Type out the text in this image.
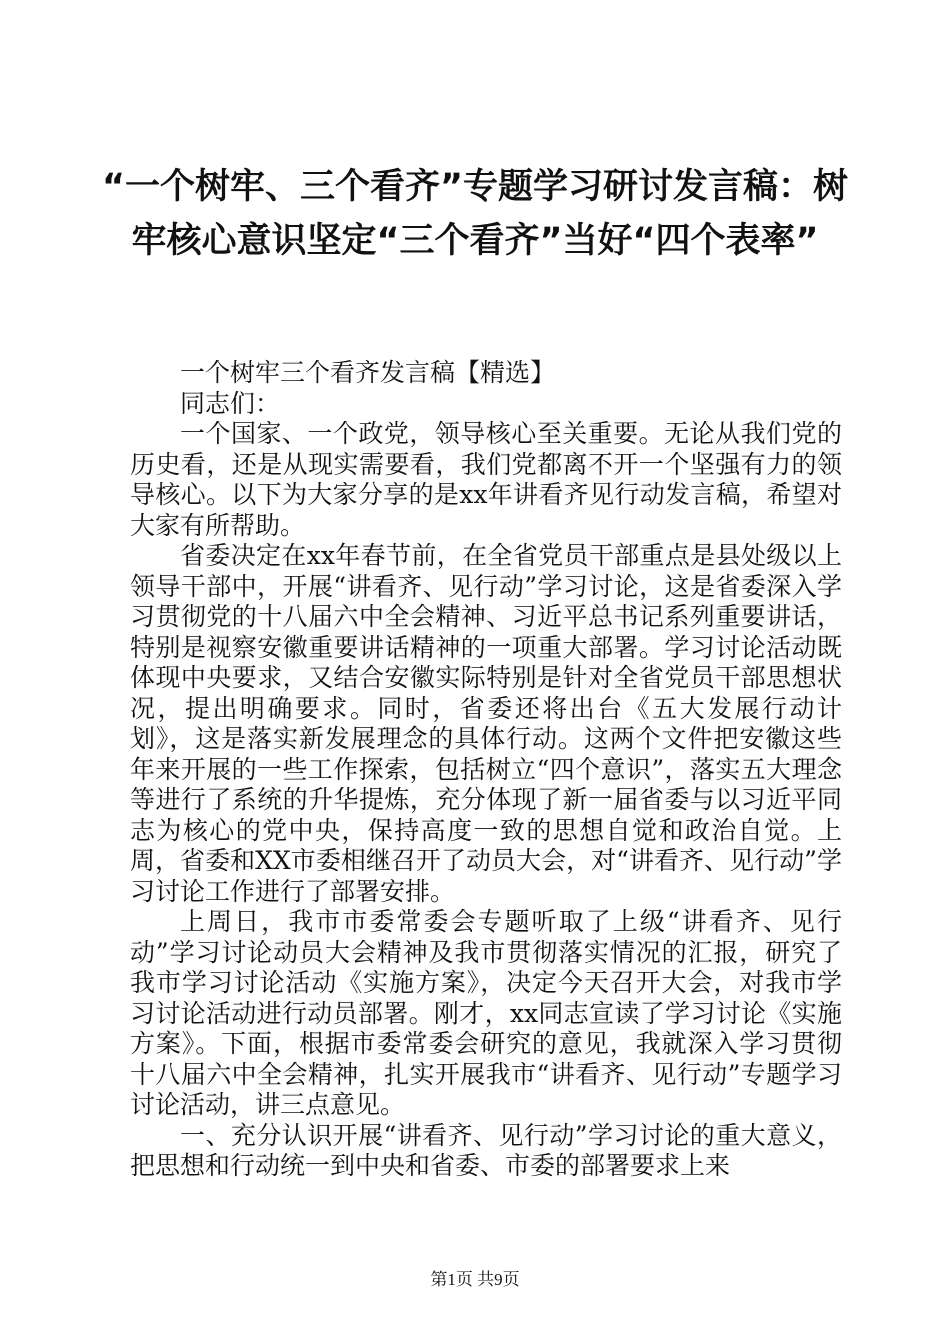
“一个树牢、三个看齐”专题学习研讨发言稿：树牢核心意识坚定“三个看齐”当好“四个表率”

一个树牢三个看齐发言稿【精选】

同志们：

一个国家、一个政党，领导核心至关重要。无论从我们党的历史看，还是从现实需要看，我们党都离不开一个坚强有力的领导核心。以下为大家分享的是xx年讲看齐见行动发言稿，希望对大家有所帮助。

省委决定在xx年春节前，在全省党员干部重点是县处级以上领导干部中，开展“讲看齐、见行动”学习讨论，这是省委深入学习贯彻党的十八届六中全会精神、习近平总书记系列重要讲话，特别是视察安徽重要讲话精神的一项重大部署。学习讨论活动既体现中央要求，又结合安徽实际特别是针对全省党员干部思想状况，提出明确要求。同时，省委还将出台《五大发展行动计划》，这是落实新发展理念的具体行动。这两个文件把安徽这些年来开展的一些工作探索，包括树立“四个意识”，落实五大理念等进行了系统的升华提炼，充分体现了新一届省委与以习近平同志为核心的党中央，保持高度一致的思想自觉和政治自觉。上周，省委和XX市委相继召开了动员大会，对“讲看齐、见行动”学习讨论工作进行了部署安排。

上周日，我市市委常委会专题听取了上级“讲看齐、见行动”学习讨论动员大会精神及我市贯彻落实情况的汇报，研究了我市学习讨论活动《实施方案》，决定今天召开大会，对我市学习讨论活动进行动员部署。刚才，xx同志宣读了学习讨论《实施方案》。下面，根据市委常委会研究的意见，我就深入学习贯彻十八届六中全会精神，扎实开展我市“讲看齐、见行动”专题学习讨论活动，讲三点意见。

一、充分认识开展“讲看齐、见行动”学习讨论的重大意义，把思想和行动统一到中央和省委、市委的部署要求上来

第1页 共9页
